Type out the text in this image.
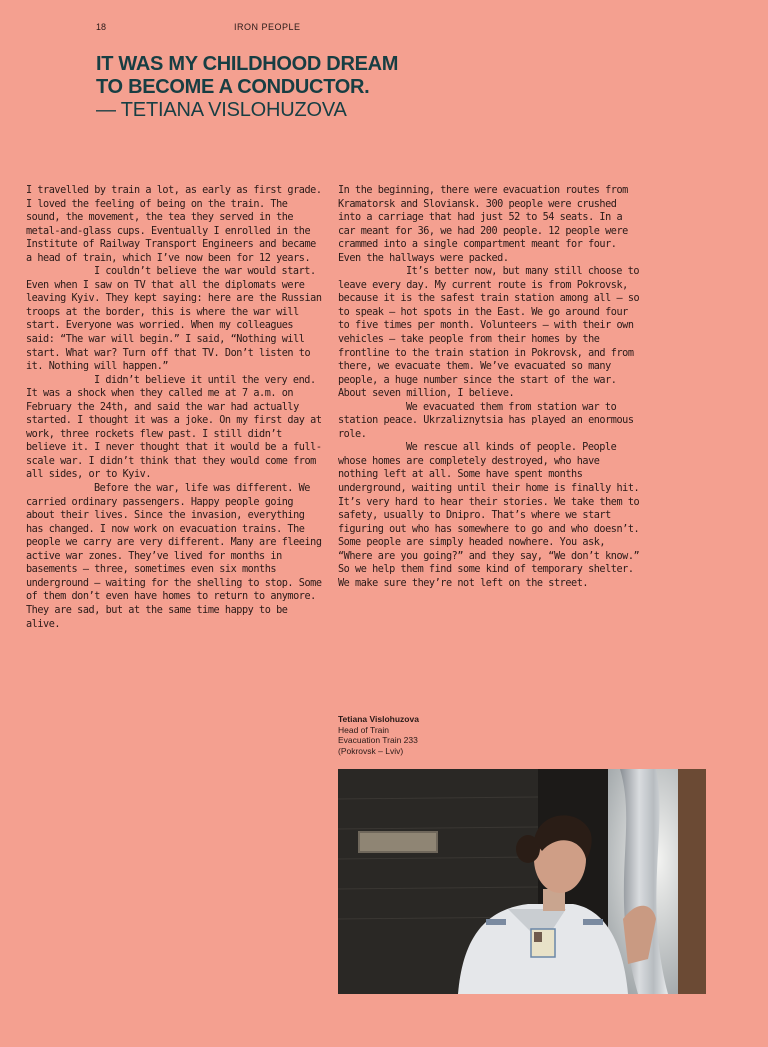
18	IRON PEOPLE
IT WAS MY CHILDHOOD DREAM
TO BECOME A CONDUCTOR.
— TETIANA VISLOHUZOVA

I travelled by train a lot, as early as first grade. I loved the feeling of being on the train. The sound, the movement, the tea they served in the metal-and-glass cups. Eventually I enrolled in the Institute of Railway Transport Engineers and became a head of train, which I’ve now been for 12 years.

I couldn’t believe the war would start. Even when I saw on TV that all the diplomats were leaving Kyiv. They kept saying: here are the Russian troops at the border, this is where the war will start. Everyone was worried. When my colleagues said: “The war will begin.” I said, “Nothing will start. What war? Turn off that TV. Don’t listen to it. Nothing will happen.”

I didn’t believe it until the very end. It was a shock when they called me at 7 a.m. on February the 24th, and said the war had actually started. I thought it was a joke. On my first day at work, three rockets flew past. I still didn’t believe it. I never thought that it would be a full-scale war. I didn’t think that they would come from all sides, or to Kyiv.

Before the war, life was different. We carried ordinary passengers. Happy people going about their lives. Since the invasion, everything has changed. I now work on evacuation trains. The people we carry are very different. Many are fleeing active war zones. They’ve lived for months in basements – three, sometimes even six months underground – waiting for the shelling to stop. Some of them don’t even have homes to return to anymore. They are sad, but at the same time happy to be alive.

In the beginning, there were evacuation routes from Kramatorsk and Sloviansk. 300 people were crushed into a carriage that had just 52 to 54 seats. In a car meant for 36, we had 200 people. 12 people were crammed into a single compartment meant for four. Even the hallways were packed.

It’s better now, but many still choose to leave every day. My current route is from Pokrovsk, because it is the safest train station among all – so to speak – hot spots in the East. We go around four to five times per month. Volunteers – with their own vehicles – take people from their homes by the frontline to the train station in Pokrovsk, and from there, we evacuate them. We’ve evacuated so many people, a huge number since the start of the war. About seven million, I believe.

We evacuated them from station war to station peace. Ukrzaliznytsia has played an enormous role.

We rescue all kinds of people. People whose homes are completely destroyed, who have nothing left at all. Some have spent months underground, waiting until their home is finally hit. It’s very hard to hear their stories. We take them to safety, usually to Dnipro. That’s where we start figuring out who has somewhere to go and who doesn’t. Some people are simply headed nowhere. You ask, “Where are you going?” and they say, “We don’t know.” So we help them find some kind of temporary shelter. We make sure they’re not left on the street.

Tetiana Vislohuzova
Head of Train
Evacuation Train 233
(Pokrovsk – Lviv)
